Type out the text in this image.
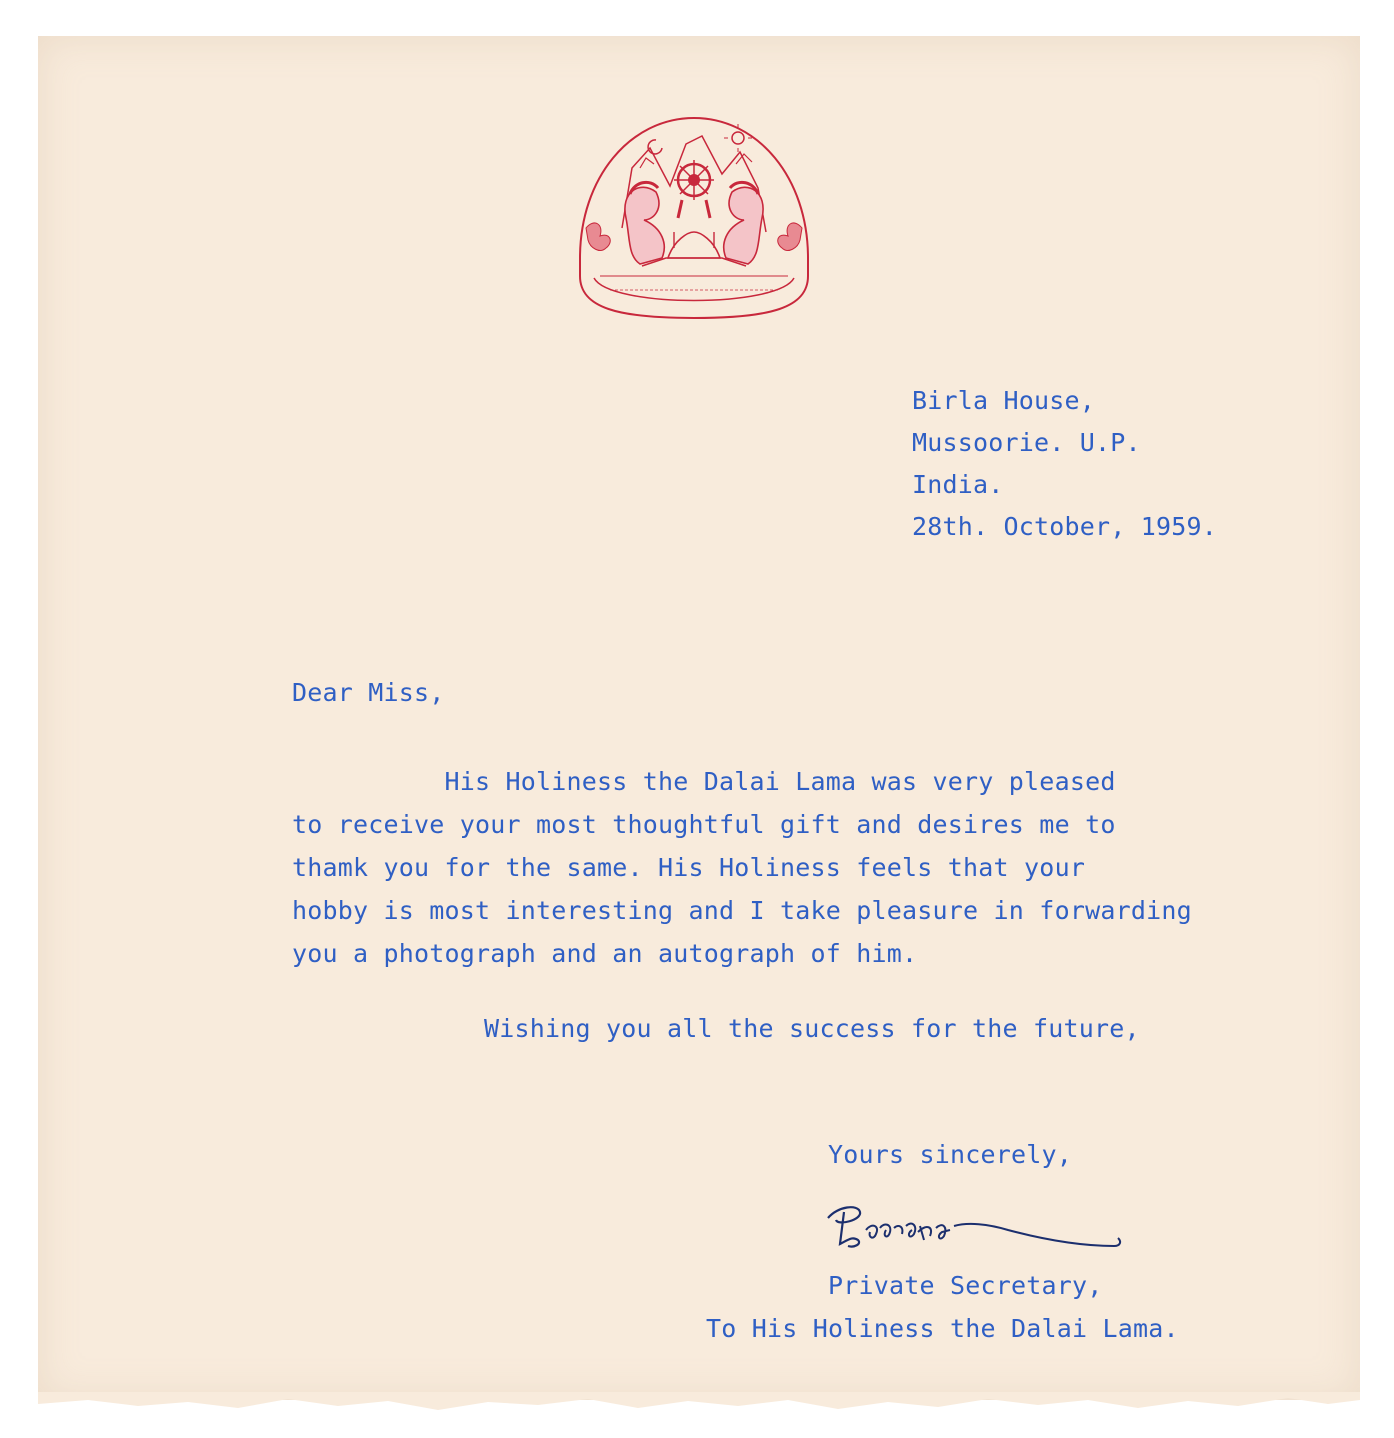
Birla House,
Mussoorie. U.P.
India.
28th. October, 1959.
Dear Miss,
His Holiness the Dalai Lama was very pleased
to receive your most thoughtful gift and desires me to
thamk you for the same. His Holiness feels that your
hobby is most interesting and I take pleasure in forwarding
you a photograph and an autograph of him.
Wishing you all the success for the future,
Yours sincerely,
Private Secretary,
To His Holiness the Dalai Lama.
